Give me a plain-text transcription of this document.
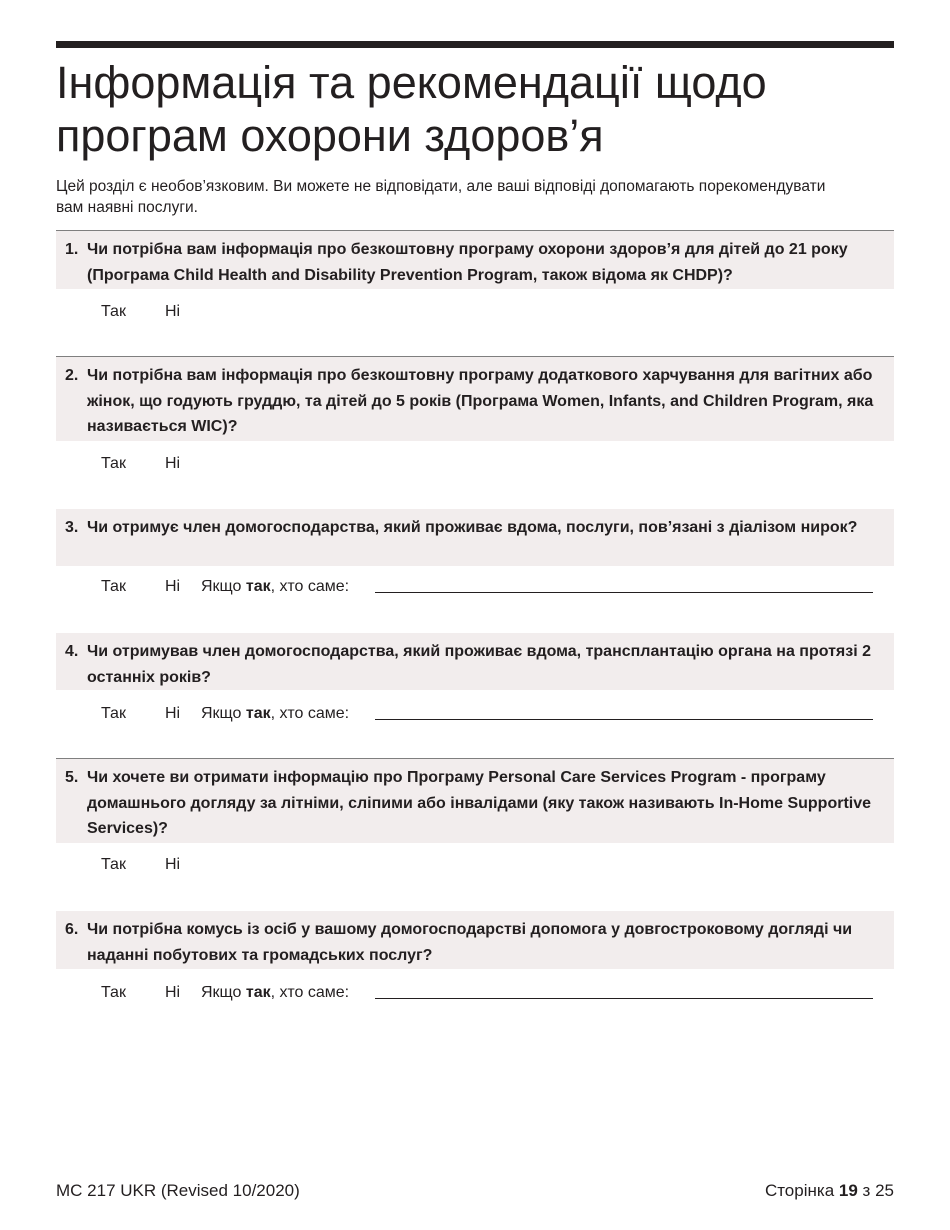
Інформація та рекомендації щодо
програм охорони здоров’я
Цей розділ є необов’язковим. Ви можете не відповідати, але ваші відповіді допомагають порекомендувати вам наявні послуги.
1. Чи потрібна вам інформація про безкоштовну програму охорони здоров’я для дітей до 21 року (Програма Child Health and Disability Prevention Program, також відома як CHDP)?
Так Ні
2. Чи потрібна вам інформація про безкоштовну програму додаткового харчування для вагітних або жінок, що годують груддю, та дітей до 5 років (Програма Women, Infants, and Children Program, яка називається WIC)?
Так Ні
3. Чи отримує член домогосподарства, який проживає вдома, послуги, пов’язані з діалізом нирок?
Так Ні Якщо так, хто саме:
4. Чи отримував член домогосподарства, який проживає вдома, трансплантацію органа на протязі 2 останніх років?
Так Ні Якщо так, хто саме:
5. Чи хочете ви отримати інформацію про Програму Personal Care Services Program - програму домашнього догляду за літніми, сліпими або інвалідами (яку також називають In-Home Supportive Services)?
Так Ні
6. Чи потрібна комусь із осіб у вашому домогосподарстві допомога у довгостроковому догляді чи наданні побутових та громадських послуг?
Так Ні Якщо так, хто саме:
MC 217 UKR (Revised 10/2020)	Сторінка 19 з 25
